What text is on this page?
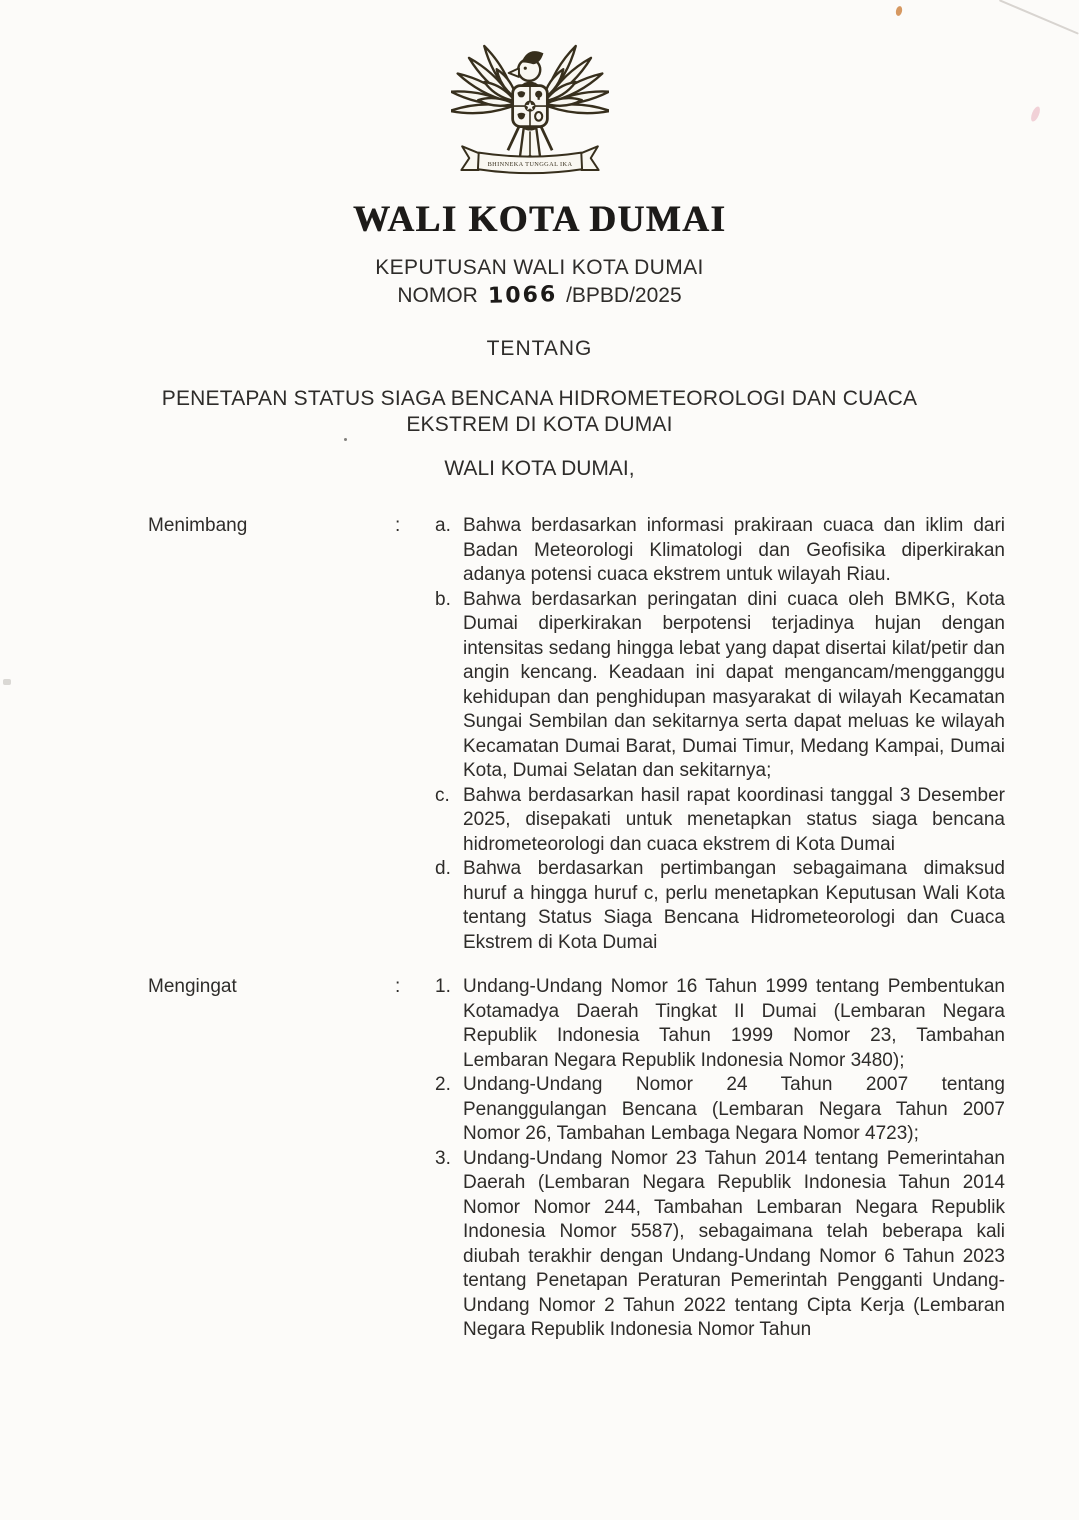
BHINNEKA TUNGGAL IKA
WALI KOTA DUMAI
KEPUTUSAN WALI KOTA DUMAI
NOMOR 1066 /BPBD/2025
TENTANG
PENETAPAN STATUS SIAGA BENCANA HIDROMETEOROLOGI DAN CUACA
EKSTREM DI KOTA DUMAI
WALI KOTA DUMAI,
Menimbang	:	a. Bahwa berdasarkan informasi prakiraan cuaca dan iklim dari Badan Meteorologi Klimatologi dan Geofisika diperkirakan adanya potensi cuaca ekstrem untuk wilayah Riau.

b. Bahwa berdasarkan peringatan dini cuaca oleh BMKG, Kota Dumai diperkirakan berpotensi terjadinya hujan dengan intensitas sedang hingga lebat yang dapat disertai kilat/petir dan angin kencang. Keadaan ini dapat mengancam/mengganggu kehidupan dan penghidupan masyarakat di wilayah Kecamatan Sungai Sembilan dan sekitarnya serta dapat meluas ke wilayah Kecamatan Dumai Barat, Dumai Timur, Medang Kampai, Dumai Kota, Dumai Selatan dan sekitarnya;

c. Bahwa berdasarkan hasil rapat koordinasi tanggal 3 Desember 2025, disepakati untuk menetapkan status siaga bencana hidrometeorologi dan cuaca ekstrem di Kota Dumai

d. Bahwa berdasarkan pertimbangan sebagaimana dimaksud huruf a hingga huruf c, perlu menetapkan Keputusan Wali Kota tentang Status Siaga Bencana Hidrometeorologi dan Cuaca Ekstrem di Kota Dumai

Mengingat	:	1. Undang-Undang Nomor 16 Tahun 1999 tentang Pembentukan Kotamadya Daerah Tingkat II Dumai (Lembaran Negara Republik Indonesia Tahun 1999 Nomor 23, Tambahan Lembaran Negara Republik Indonesia Nomor 3480);

2. Undang-Undang Nomor 24 Tahun 2007 tentang Penanggulangan Bencana (Lembaran Negara Tahun 2007 Nomor 26, Tambahan Lembaga Negara Nomor 4723);

3. Undang-Undang Nomor 23 Tahun 2014 tentang Pemerintahan Daerah (Lembaran Negara Republik Indonesia Tahun 2014 Nomor Nomor 244, Tambahan Lembaran Negara Republik Indonesia Nomor 5587), sebagaimana telah beberapa kali diubah terakhir dengan Undang-Undang Nomor 6 Tahun 2023 tentang Penetapan Peraturan Pemerintah Pengganti Undang-Undang Nomor 2 Tahun 2022 tentang Cipta Kerja (Lembaran Negara Republik Indonesia Nomor Tahun
